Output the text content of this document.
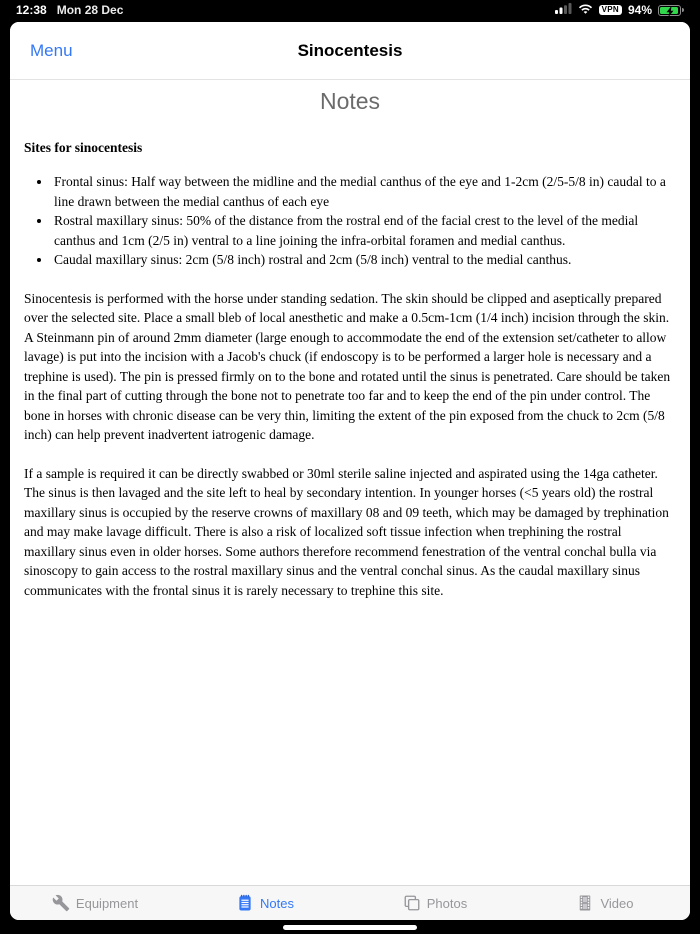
12:38 Mon 28 Dec	VPN 94%
Menu	Sinocentesis
Notes
Sites for sinocentesis
• Frontal sinus: Half way between the midline and the medial canthus of the eye and 1-2cm (2/5-5/8 in) caudal to a line drawn between the medial canthus of each eye
• Rostral maxillary sinus: 50% of the distance from the rostral end of the facial crest to the level of the medial canthus and 1cm (2/5 in) ventral to a line joining the infra-orbital foramen and medial canthus.
• Caudal maxillary sinus: 2cm (5/8 inch) rostral and 2cm (5/8 inch) ventral to the medial canthus.

Sinocentesis is performed with the horse under standing sedation. The skin should be clipped and aseptically prepared over the selected site. Place a small bleb of local anesthetic and make a 0.5cm-1cm (1/4 inch) incision through the skin. A Steinmann pin of around 2mm diameter (large enough to accommodate the end of the extension set/catheter to allow lavage) is put into the incision with a Jacob's chuck (if endoscopy is to be performed a larger hole is necessary and a trephine is used). The pin is pressed firmly on to the bone and rotated until the sinus is penetrated. Care should be taken in the final part of cutting through the bone not to penetrate too far and to keep the end of the pin under control. The bone in horses with chronic disease can be very thin, limiting the extent of the pin exposed from the chuck to 2cm (5/8 inch) can help prevent inadvertent iatrogenic damage.

If a sample is required it can be directly swabbed or 30ml sterile saline injected and aspirated using the 14ga catheter. The sinus is then lavaged and the site left to heal by secondary intention. In younger horses (<5 years old) the rostral maxillary sinus is occupied by the reserve crowns of maxillary 08 and 09 teeth, which may be damaged by trephination and may make lavage difficult. There is also a risk of localized soft tissue infection when trephining the rostral maxillary sinus even in older horses. Some authors therefore recommend fenestration of the ventral conchal bulla via sinoscopy to gain access to the rostral maxillary sinus and the ventral conchal sinus. As the caudal maxillary sinus communicates with the frontal sinus it is rarely necessary to trephine this site.

Equipment	Notes	Photos	Video
